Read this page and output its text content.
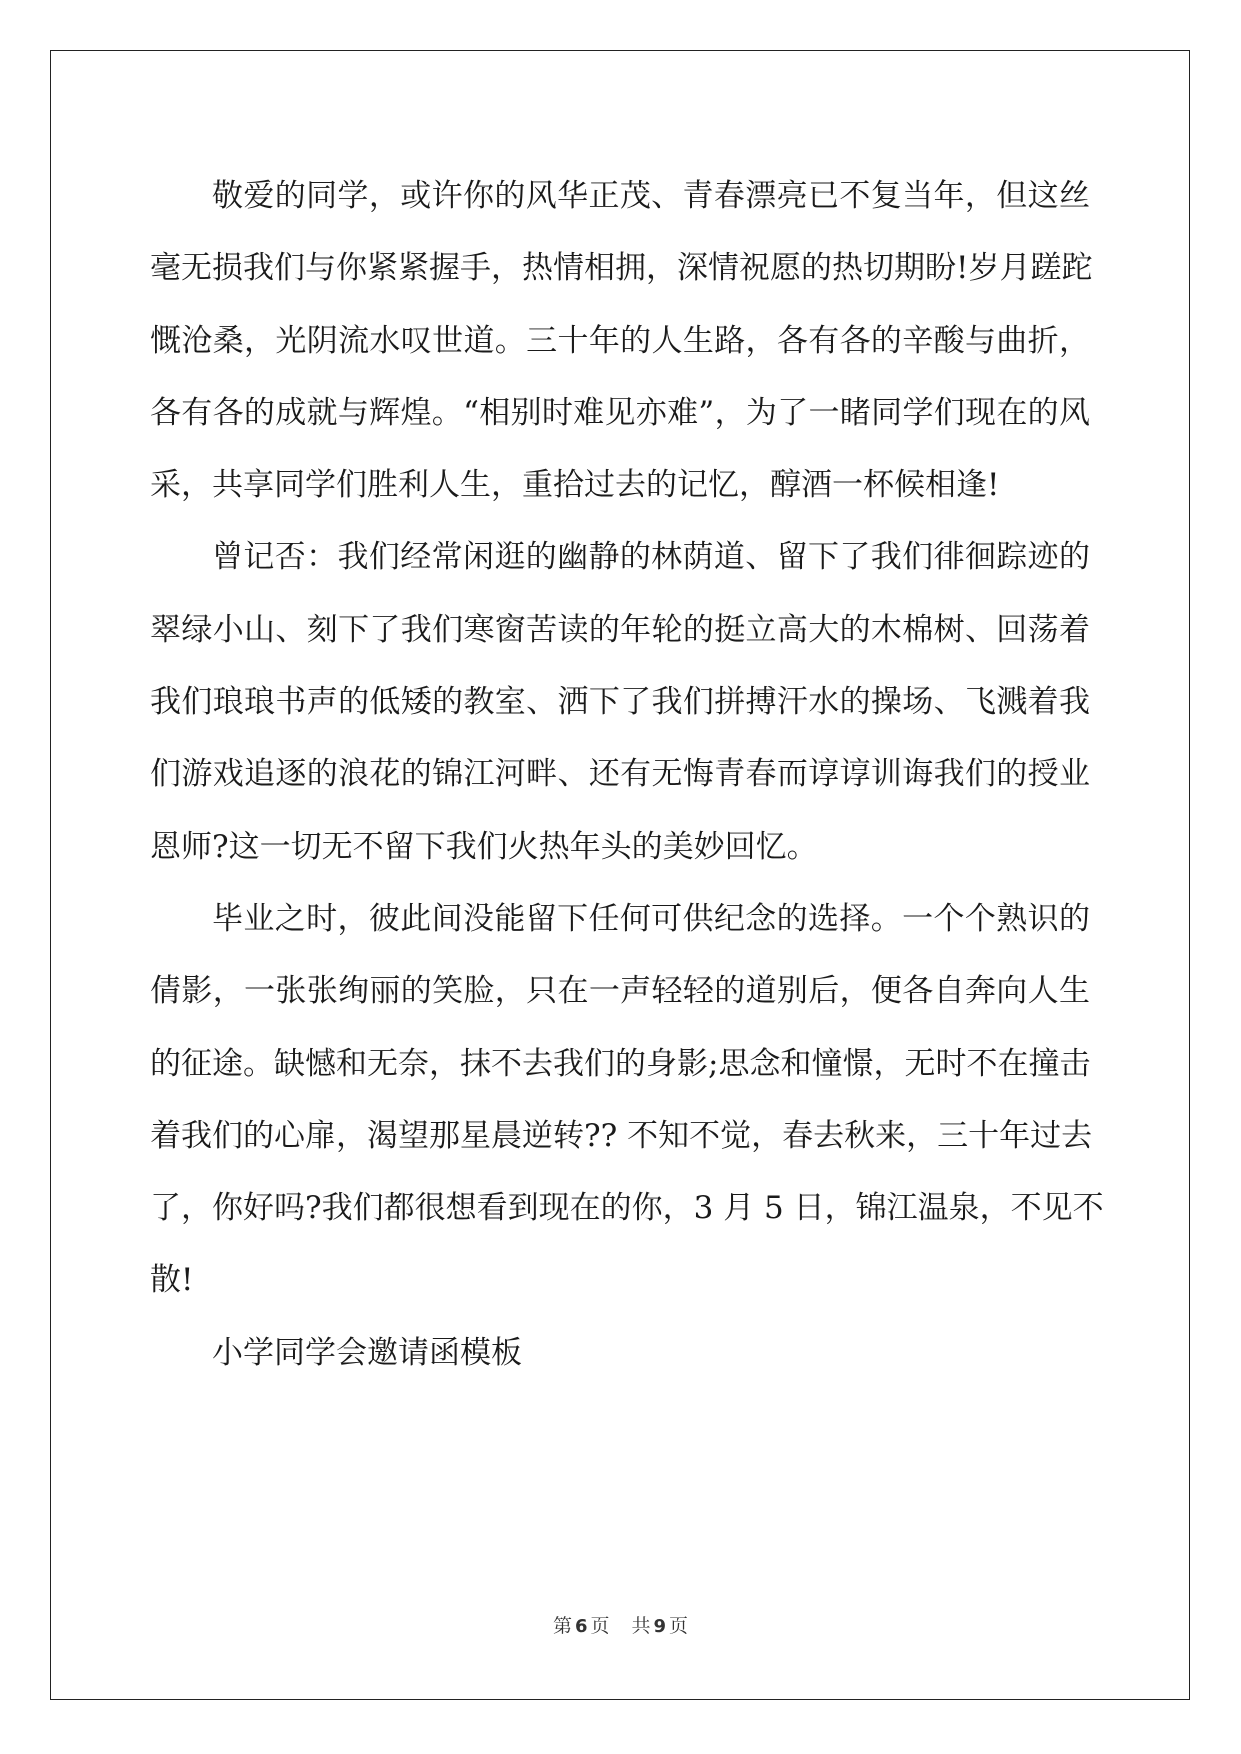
敬爱的同学，或许你的风华正茂、青春漂亮已不复当年，但这丝
毫无损我们与你紧紧握手，热情相拥，深情祝愿的热切期盼!岁月蹉跎
慨沧桑，光阴流水叹世道。三十年的人生路，各有各的辛酸与曲折，
各有各的成就与辉煌。“相别时难见亦难”，为了一睹同学们现在的风
采，共享同学们胜利人生，重拾过去的记忆，醇酒一杯候相逢!

曾记否：我们经常闲逛的幽静的林荫道、留下了我们徘徊踪迹的
翠绿小山、刻下了我们寒窗苦读的年轮的挺立高大的木棉树、回荡着
我们琅琅书声的低矮的教室、洒下了我们拼搏汗水的操场、飞溅着我
们游戏追逐的浪花的锦江河畔、还有无悔青春而谆谆训诲我们的授业
恩师?这一切无不留下我们火热年头的美妙回忆。

毕业之时，彼此间没能留下任何可供纪念的选择。一个个熟识的
倩影，一张张绚丽的笑脸，只在一声轻轻的道别后，便各自奔向人生
的征途。缺憾和无奈，抹不去我们的身影;思念和憧憬，无时不在撞击
着我们的心扉，渴望那星晨逆转?? 不知不觉，春去秋来，三十年过去
了，你好吗?我们都很想看到现在的你，3 月 5 日，锦江温泉，不见不
散!

小学同学会邀请函模板

第 6 页 共 9 页
